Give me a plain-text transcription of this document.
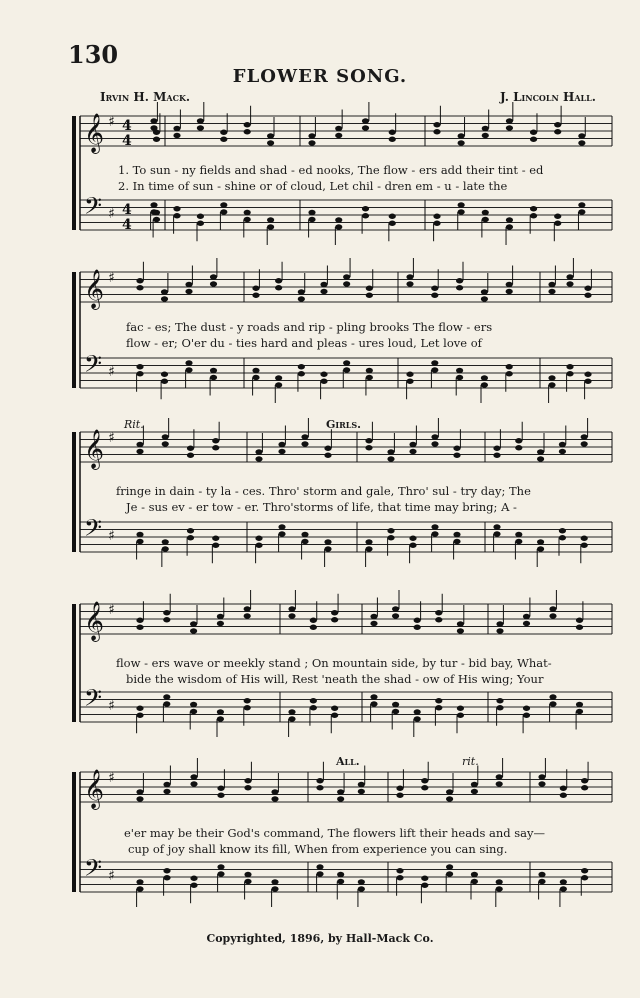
130
FLOWER SONG.
Irvin H. Mack.	J. Lincoln Hall.
𝄞 ♯ 4
4
𝄢 ♯ 4
4
𝄞 ♯
𝄢 ♯
𝄞 ♯
𝄢 ♯
𝄞 ♯
𝄢 ♯
𝄞 ♯
𝄢 ♯
Rit.	Girls.
All.	rit.
1. To sun - ny fields and shad - ed nooks, The flow - ers add their tint - ed
2. In time of sun - shine or of cloud, Let chil - dren em - u - late the
fac - es; The dust - y roads and rip - pling brooks The flow - ers
flow - er; O'er du - ties hard and pleas - ures loud, Let love of
fringe in dain - ty la - ces. Thro' storm and gale, Thro' sul - try day; The
Je - sus ev - er tow - er. Thro'storms of life, that time may bring; A -
flow - ers wave or meekly stand ; On mountain side, by tur - bid bay, What-
bide the wisdom of His will, Rest 'neath the shad - ow of His wing; Your
e'er may be their God's command, The flowers lift their heads and say—
cup of joy shall know its fill, When from experience you can sing.
Copyrighted, 1896, by Hall-Mack Co.
